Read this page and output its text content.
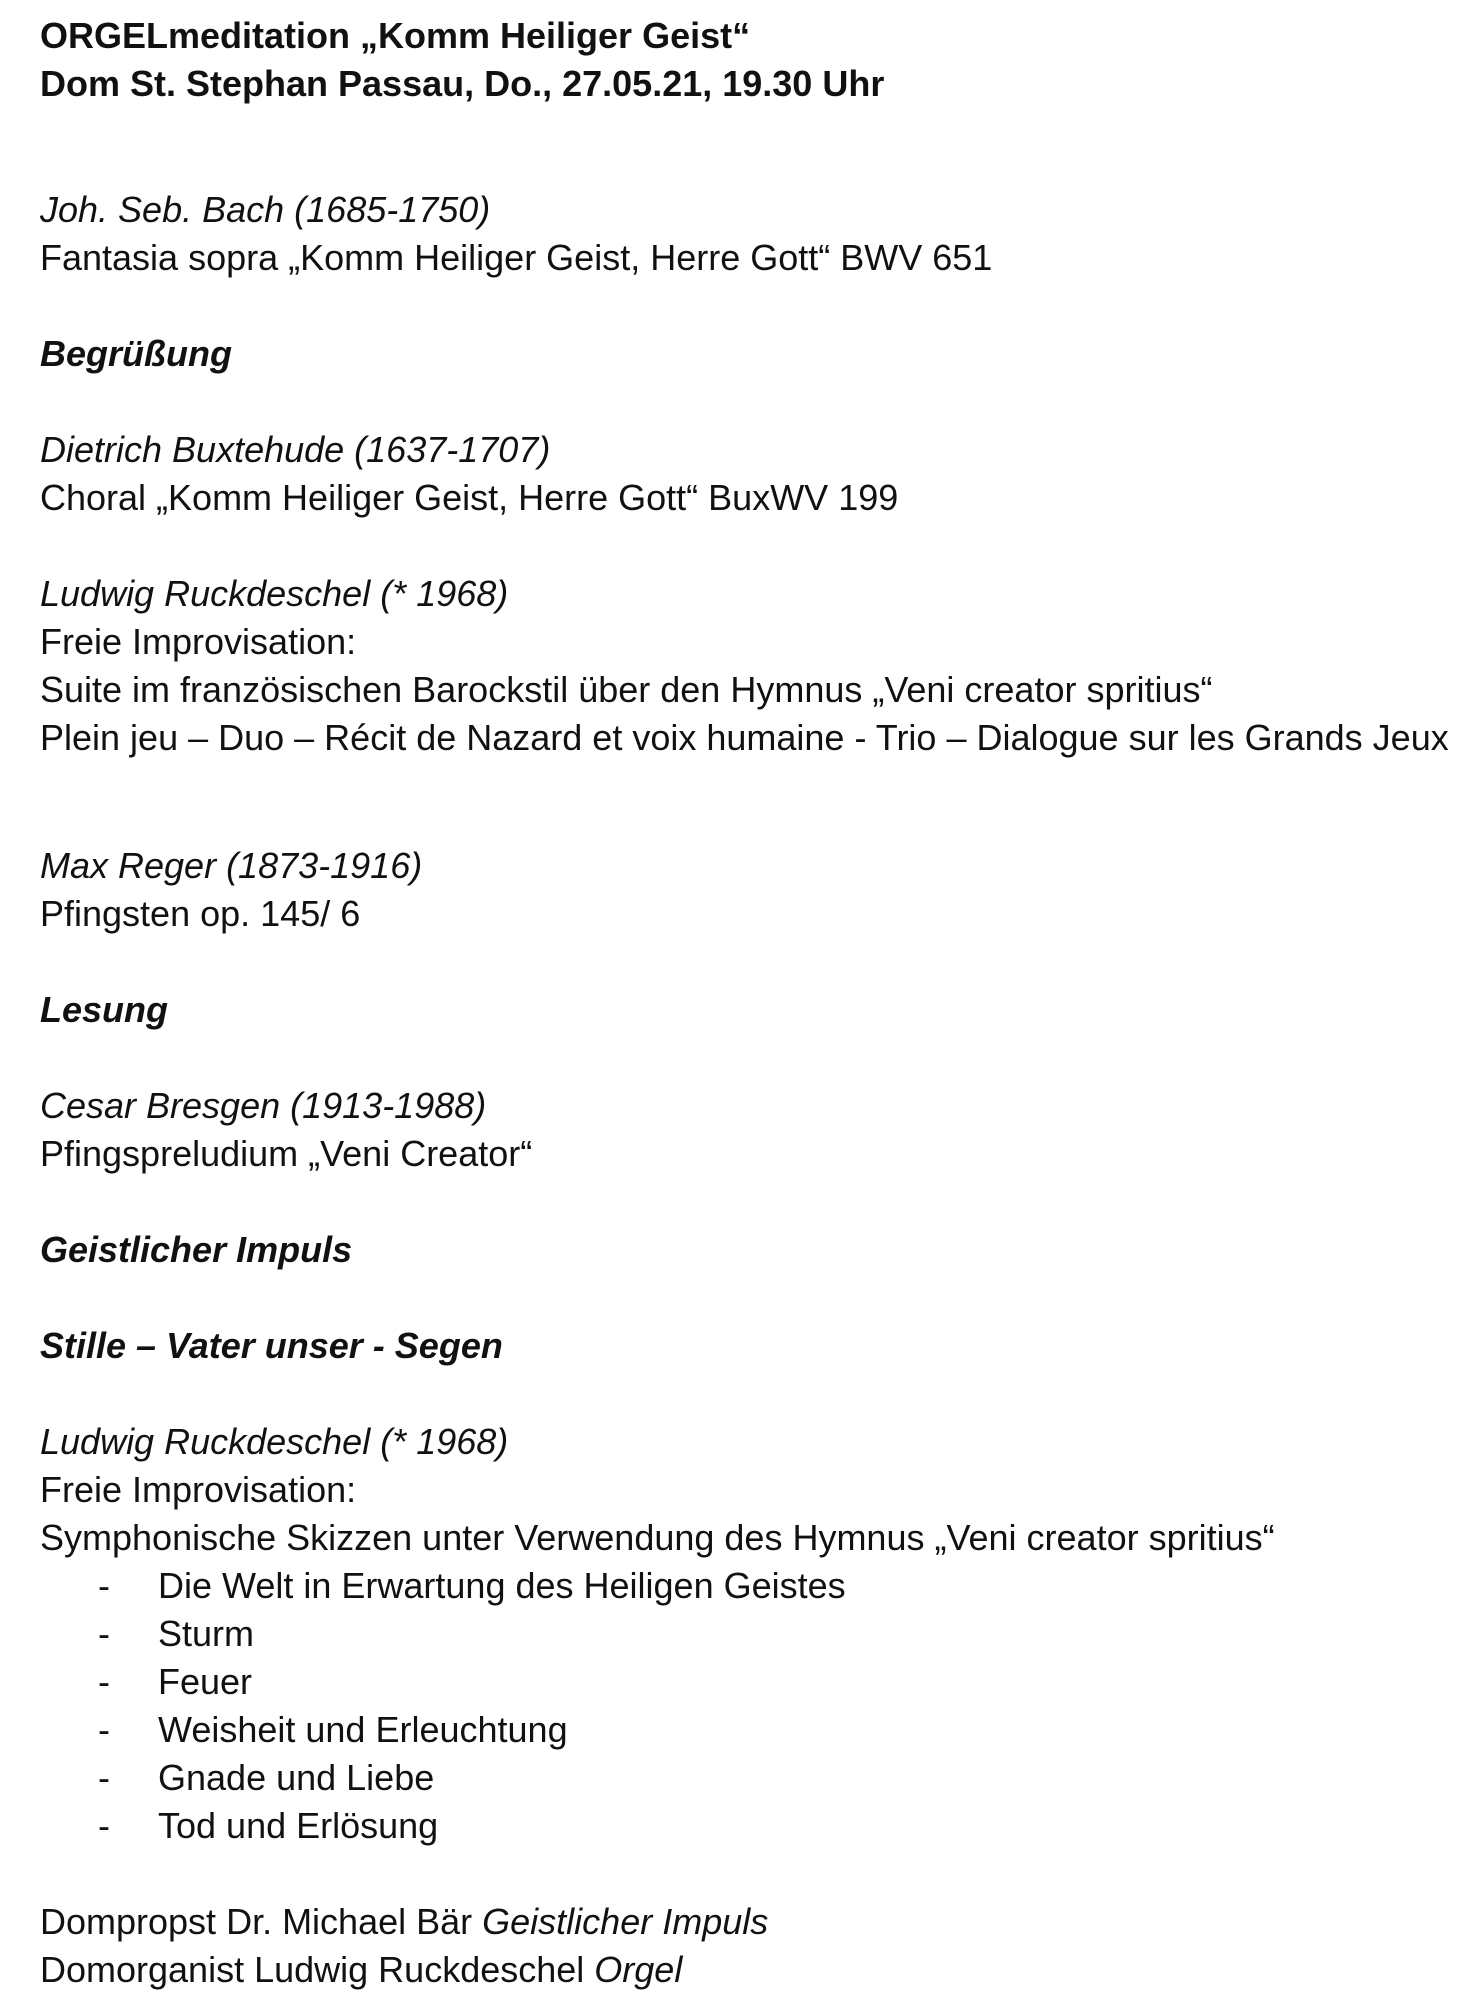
ORGELmeditation „Komm Heiliger Geist“
Dom St. Stephan Passau, Do., 27.05.21, 19.30 Uhr
Joh. Seb. Bach (1685-1750)
Fantasia sopra „Komm Heiliger Geist, Herre Gott“ BWV 651
Begrüßung
Dietrich Buxtehude (1637-1707)
Choral „Komm Heiliger Geist, Herre Gott“ BuxWV 199
Ludwig Ruckdeschel (* 1968)
Freie Improvisation:
Suite im französischen Barockstil über den Hymnus „Veni creator spritius“
Plein jeu – Duo – Récit de Nazard et voix humaine - Trio – Dialogue sur les Grands Jeux
Max Reger (1873-1916)
Pfingsten op. 145/ 6
Lesung
Cesar Bresgen (1913-1988)
Pfingspreludium „Veni Creator“
Geistlicher Impuls
Stille – Vater unser - Segen
Ludwig Ruckdeschel (* 1968)
Freie Improvisation:
Symphonische Skizzen unter Verwendung des Hymnus „Veni creator spritius“
- Die Welt in Erwartung des Heiligen Geistes
- Sturm
- Feuer
- Weisheit und Erleuchtung
- Gnade und Liebe
- Tod und Erlösung
Dompropst Dr. Michael Bär Geistlicher Impuls
Domorganist Ludwig Ruckdeschel Orgel
